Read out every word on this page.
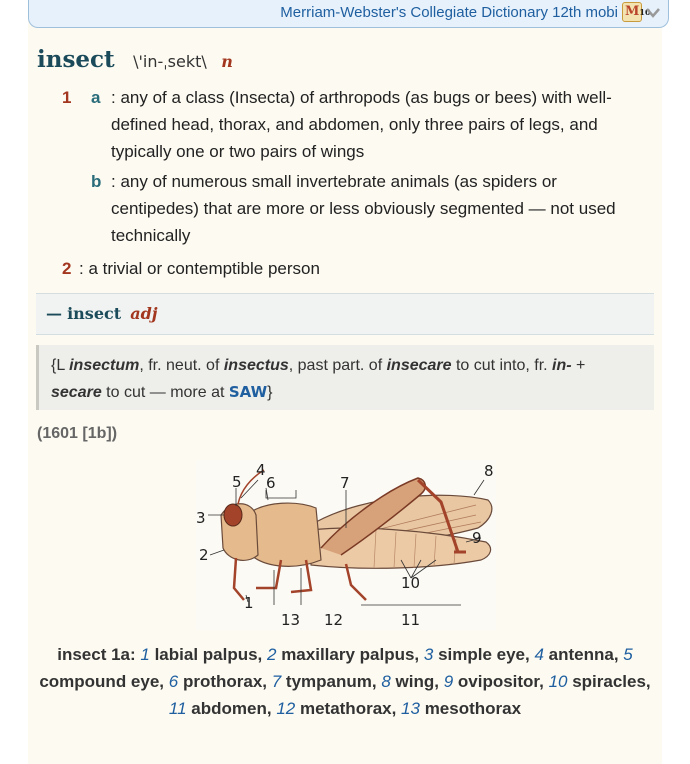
Merriam-Webster's Collegiate Dictionary 12th mobi M10
insect \'in-ˌsekt\ n
1 a : any of a class (Insecta) of arthropods (as bugs or bees) with well-
defined head, thorax, and abdomen, only three pairs of legs, and
typically one or two pairs of wings
b : any of numerous small invertebrate animals (as spiders or
centipedes) that are more or less obviously segmented — not used
technically
2 : a trivial or contemptible person
— insect adj
{L insectum, fr. neut. of insectus, past part. of insecare to cut into, fr. in- +
secare to cut — more at SAW}
(1601 [1b])
1
2
3
4
5 6	7
8
9
10
11
12
13
insect 1a: 1 labial palpus, 2 maxillary palpus, 3 simple eye, 4 antenna, 5 compound eye, 6 prothorax, 7 tympanum, 8 wing, 9 ovipositor, 10 spiracles, 11 abdomen, 12 metathorax, 13 mesothorax
